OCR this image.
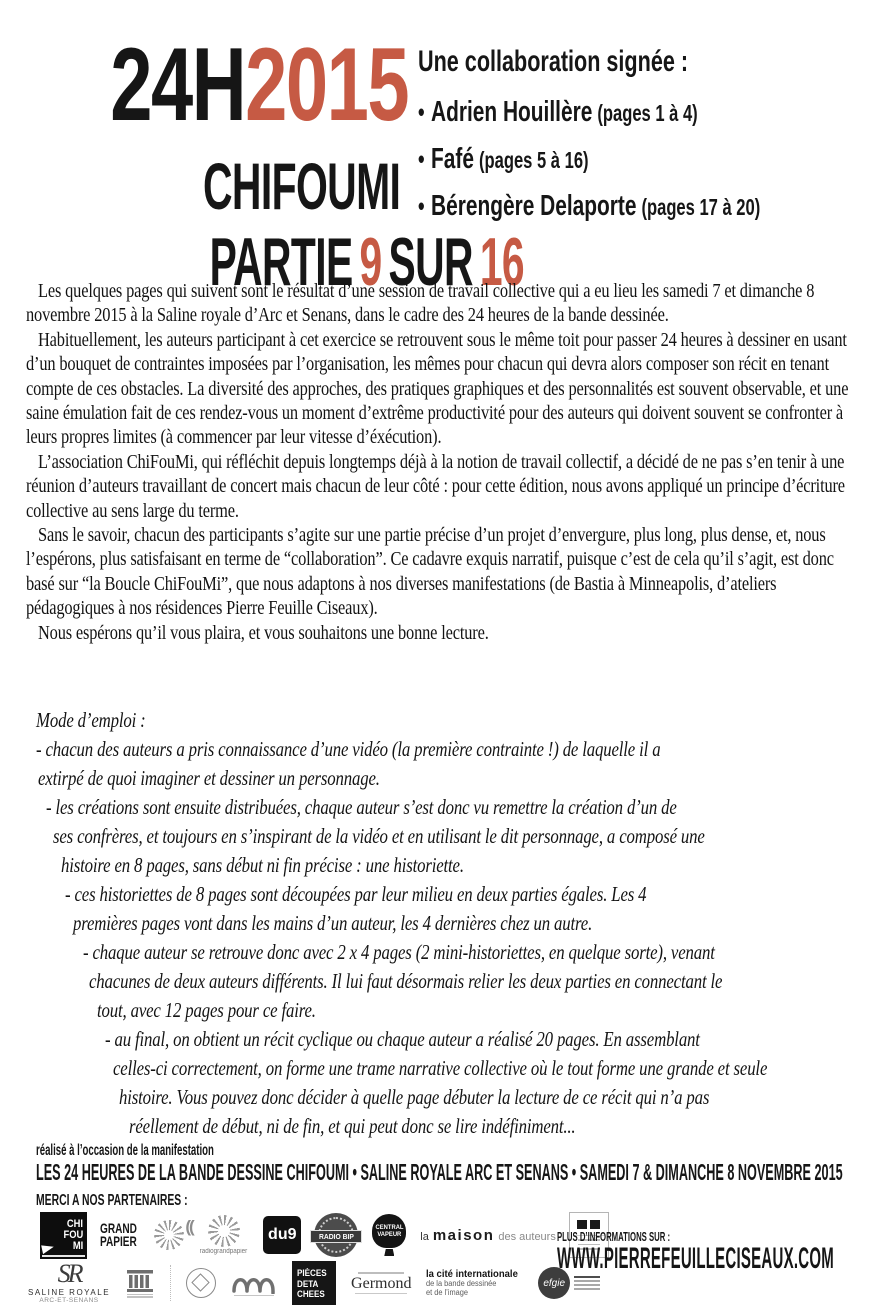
24H2015
CHIFOUMI
PARTIE 9 SUR 16
Une collaboration signée :
• Adrien Houillère (pages 1 à 4)
• Fafé (pages 5 à 16)
• Bérengère Delaporte (pages 17 à 20)

Les quelques pages qui suivent sont le résultat d’une session de travail collective qui a eu lieu les samedi 7 et dimanche 8 novembre 2015 à la Saline royale d’Arc et Senans, dans le cadre des 24 heures de la bande dessinée.

Habituellement, les auteurs participant à cet exercice se retrouvent sous le même toit pour passer 24 heures à dessiner en usant d’un bouquet de contraintes imposées par l’organisation, les mêmes pour chacun qui devra alors composer son récit en tenant compte de ces obstacles. La diversité des approches, des pratiques graphiques et des personnalités est souvent observable, et une saine émulation fait de ces rendez-vous un moment d’extrême productivité pour des auteurs qui doivent souvent se confronter à leurs propres limites (à commencer par leur vitesse d’éxécution).

L’association ChiFouMi, qui réfléchit depuis longtemps déjà à la notion de travail collectif, a décidé de ne pas s’en tenir à une réunion d’auteurs travaillant de concert mais chacun de leur côté : pour cette édition, nous avons appliqué un principe d’écriture collective au sens large du terme.

Sans le savoir, chacun des participants s’agite sur une partie précise d’un projet d’envergure, plus long, plus dense, et, nous l’espérons, plus satisfaisant en terme de “collaboration”. Ce cadavre exquis narratif, puisque c’est de cela qu’il s’agit, est donc basé sur “la Boucle ChiFouMi”, que nous adaptons à nos diverses manifestations (de Bastia à Minneapolis, d’ateliers pédagogiques à nos résidences Pierre Feuille Ciseaux).

Nous espérons qu’il vous plaira, et vous souhaitons une bonne lecture.

Mode d’emploi :
- chacun des auteurs a pris connaissance d’une vidéo (la première contrainte !) de laquelle il a
extirpé de quoi imaginer et dessiner un personnage.
- les créations sont ensuite distribuées, chaque auteur s’est donc vu remettre la création d’un de
ses confrères, et toujours en s’inspirant de la vidéo et en utilisant le dit personnage, a composé une
histoire en 8 pages, sans début ni fin précise : une historiette.
- ces historiettes de 8 pages sont découpées par leur milieu en deux parties égales. Les 4
premières pages vont dans les mains d’un auteur, les 4 dernières chez un autre.
- chaque auteur se retrouve donc avec 2 x 4 pages (2 mini-historiettes, en quelque sorte), venant
chacunes de deux auteurs différents. Il lui faut désormais relier les deux parties en connectant le
tout, avec 12 pages pour ce faire.
- au final, on obtient un récit cyclique ou chaque auteur a réalisé 20 pages. En assemblant
celles-ci correctement, on forme une trame narrative collective où le tout forme une grande et seule
histoire. Vous pouvez donc décider à quelle page débuter la lecture de ce récit qui n’a pas
réellement de début, ni de fin, et qui peut donc se lire indéfiniment...
réalisé à l’occasion de la manifestation
LES 24 HEURES DE LA BANDE DESSINE CHIFOUMI • SALINE ROYALE ARC ET SENANS • SAMEDI 7 & DIMANCHE 8 NOVEMBRE 2015
MERCI A NOS PARTENAIRES :
CHI
FOU
MI
GRAND
PAPIER
((
radiograndpapier
du9	RADIO BIP
CENTRAL
VAPEUR la maison des auteurs
SR
SALINE ROYALE
ARC-ET-SENANS
PIÈCES
DETA
CHEES
Germond
la cité internationale
de la bande dessinée
et de l’image
efgie
PLUS D’INFORMATIONS SUR :
WWW.PIERREFEUILLECISEAUX.COM
